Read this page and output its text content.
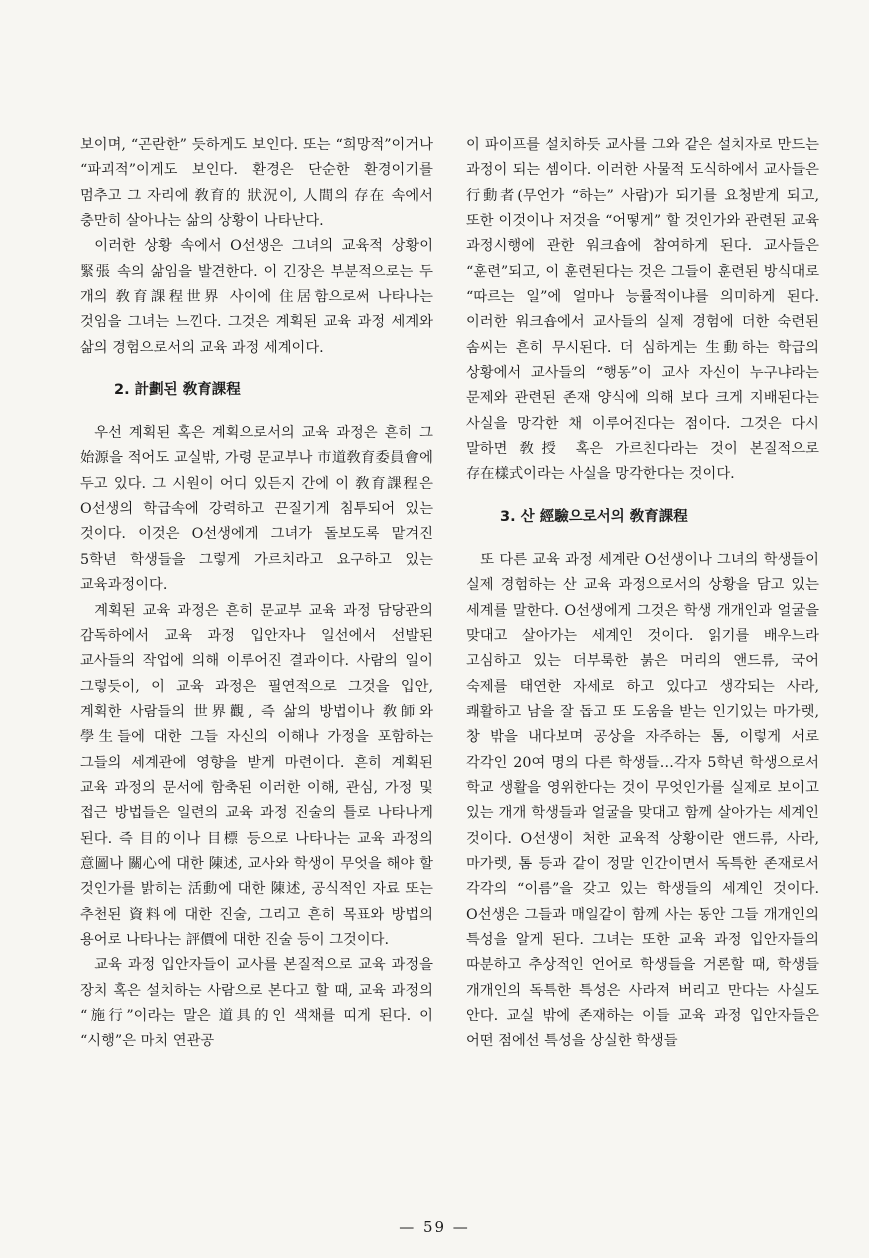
보이며, “곤란한” 듯하게도 보인다. 또는 “희망적”이거나 “파괴적”이게도 보인다. 환경은 단순한 환경이기를 멈추고 그 자리에 敎育的 狀況이, 人間의 存在 속에서 충만히 살아나는 삶의 상황이 나타난다.

이러한 상황 속에서 O선생은 그녀의 교육적 상황이 緊張 속의 삶임을 발견한다. 이 긴장은 부분적으로는 두 개의 敎育課程世界 사이에 住居함으로써 나타나는 것임을 그녀는 느낀다. 그것은 계획된 교육 과정 세계와 삶의 경험으로서의 교육 과정 세계이다.

2. 計劃된 敎育課程

우선 계획된 혹은 계획으로서의 교육 과정은 흔히 그 始源을 적어도 교실밖, 가령 문교부나 市道敎育委員會에 두고 있다. 그 시원이 어디 있든지 간에 이 敎育課程은 O선생의 학급속에 강력하고 끈질기게 침투되어 있는 것이다. 이것은 O선생에게 그녀가 돌보도록 맡겨진 5학년 학생들을 그렇게 가르치라고 요구하고 있는 교육과정이다.

계획된 교육 과정은 흔히 문교부 교육 과정 담당관의 감독하에서 교육 과정 입안자나 일선에서 선발된 교사들의 작업에 의해 이루어진 결과이다. 사람의 일이 그렇듯이, 이 교육 과정은 필연적으로 그것을 입안, 계획한 사람들의 世界觀, 즉 삶의 방법이나 敎師와 學生들에 대한 그들 자신의 이해나 가정을 포함하는 그들의 세계관에 영향을 받게 마련이다. 흔히 계획된 교육 과정의 문서에 함축된 이러한 이해, 관심, 가정 및 접근 방법들은 일련의 교육 과정 진술의 틀로 나타나게 된다. 즉 目的이나 目標 등으로 나타나는 교육 과정의 意圖나 關心에 대한 陳述, 교사와 학생이 무엇을 해야 할 것인가를 밝히는 活動에 대한 陳述, 공식적인 자료 또는 추천된 資料에 대한 진술, 그리고 흔히 목표와 방법의 용어로 나타나는 評價에 대한 진술 등이 그것이다.

교육 과정 입안자들이 교사를 본질적으로 교육 과정을 장치 혹은 설치하는 사람으로 본다고 할 때, 교육 과정의 “施行”이라는 말은 道具的인 색채를 띠게 된다. 이 “시행”은 마치 연관공

이 파이프를 설치하듯 교사를 그와 같은 설치자로 만드는 과정이 되는 셈이다. 이러한 사물적 도식하에서 교사들은 行動者(무언가 “하는” 사람)가 되기를 요청받게 되고, 또한 이것이나 저것을 “어떻게” 할 것인가와 관련된 교육 과정시행에 관한 워크숍에 참여하게 된다. 교사들은 “훈련”되고, 이 훈련된다는 것은 그들이 훈련된 방식대로 “따르는 일”에 얼마나 능률적이냐를 의미하게 된다. 이러한 워크숍에서 교사들의 실제 경험에 더한 숙련된 솜씨는 흔히 무시된다. 더 심하게는 生動하는 학급의 상황에서 교사들의 “행동”이 교사 자신이 누구냐라는 문제와 관련된 존재 양식에 의해 보다 크게 지배된다는 사실을 망각한 채 이루어진다는 점이다. 그것은 다시 말하면 敎授 혹은 가르친다라는 것이 본질적으로 存在樣式이라는 사실을 망각한다는 것이다.

3. 산 經驗으로서의 敎育課程

또 다른 교육 과정 세계란 O선생이나 그녀의 학생들이 실제 경험하는 산 교육 과정으로서의 상황을 담고 있는 세계를 말한다. O선생에게 그것은 학생 개개인과 얼굴을 맞대고 살아가는 세계인 것이다. 읽기를 배우느라 고심하고 있는 더부룩한 붉은 머리의 앤드류, 국어 숙제를 태연한 자세로 하고 있다고 생각되는 사라, 쾌활하고 남을 잘 돕고 또 도움을 받는 인기있는 마가렛, 창 밖을 내다보며 공상을 자주하는 톰, 이렇게 서로 각각인 20여 명의 다른 학생들…각자 5학년 학생으로서 학교 생활을 영위한다는 것이 무엇인가를 실제로 보이고 있는 개개 학생들과 얼굴을 맞대고 함께 살아가는 세계인 것이다. O선생이 처한 교육적 상황이란 앤드류, 사라, 마가렛, 톰 등과 같이 정말 인간이면서 독특한 존재로서 각각의 “이름”을 갖고 있는 학생들의 세계인 것이다. O선생은 그들과 매일같이 함께 사는 동안 그들 개개인의 특성을 알게 된다. 그녀는 또한 교육 과정 입안자들의 따분하고 추상적인 언어로 학생들을 거론할 때, 학생들 개개인의 독특한 특성은 사라져 버리고 만다는 사실도 안다. 교실 밖에 존재하는 이들 교육 과정 입안자들은 어떤 점에선 특성을 상실한 학생들

— 59 —
